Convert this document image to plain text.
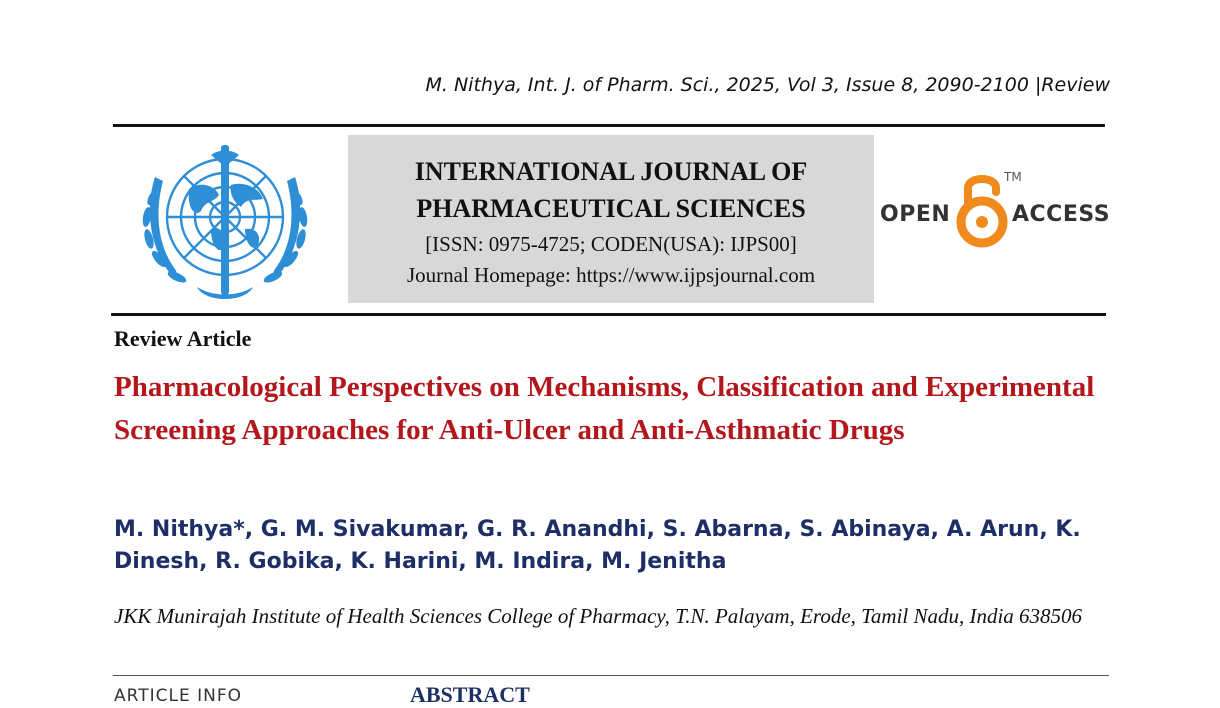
M. Nithya, Int. J. of Pharm. Sci., 2025, Vol 3, Issue 8, 2090-2100 |Review
INTERNATIONAL JOURNAL OF
PHARMACEUTICAL SCIENCES
[ISSN: 0975-4725; CODEN(USA): IJPS00]
Journal Homepage: https://www.ijpsjournal.com
OPEN
TM
ACCESS
Review Article
Pharmacological Perspectives on Mechanisms, Classification and Experimental Screening Approaches for Anti-Ulcer and Anti-Asthmatic Drugs
M. Nithya*, G. M. Sivakumar, G. R. Anandhi, S. Abarna, S. Abinaya, A. Arun, K. Dinesh, R. Gobika, K. Harini, M. Indira, M. Jenitha
JKK Munirajah Institute of Health Sciences College of Pharmacy, T.N. Palayam, Erode, Tamil Nadu, India 638506
ARTICLE INFO	ABSTRACT
